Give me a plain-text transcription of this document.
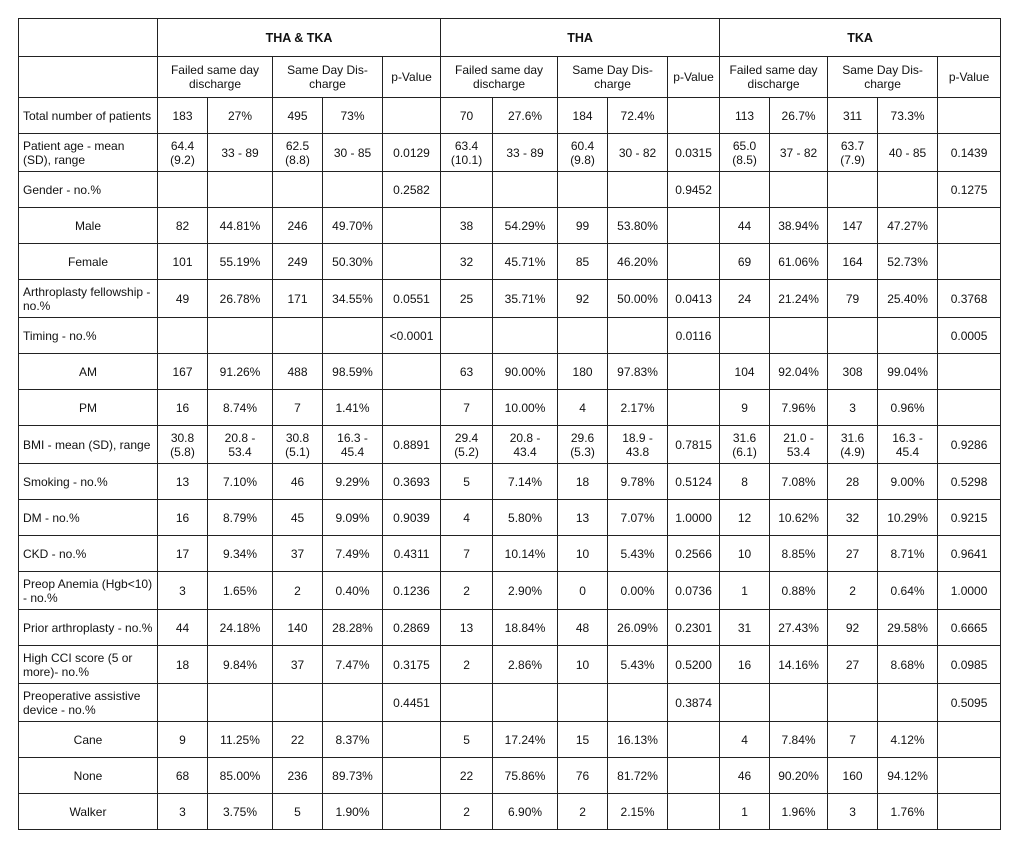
	THA & TKA					THA					TKA				
	Failed same day discharge		Same Day Dis-charge		p-Value	Failed same day discharge		Same Day Dis-charge		p-Value	Failed same day discharge		Same Day Dis-charge		p-Value
Total number of patients	183	27%	495	73%		70	27.6%	184	72.4%		113	26.7%	311	73.3%	
Patient age - mean (SD), range	64.4 (9.2)	33 - 89	62.5 (8.8)	30 - 85	0.0129	63.4 (10.1)	33 - 89	60.4 (9.8)	30 - 82	0.0315	65.0 (8.5)	37 - 82	63.7 (7.9)	40 - 85	0.1439
Gender - no.%					0.2582					0.9452					0.1275
Male	82	44.81%	246	49.70%		38	54.29%	99	53.80%		44	38.94%	147	47.27%	
Female	101	55.19%	249	50.30%		32	45.71%	85	46.20%		69	61.06%	164	52.73%	
Arthroplasty fellowship - no.%	49	26.78%	171	34.55%	0.0551	25	35.71%	92	50.00%	0.0413	24	21.24%	79	25.40%	0.3768
Timing - no.%					<0.0001					0.0116					0.0005
AM	167	91.26%	488	98.59%		63	90.00%	180	97.83%		104	92.04%	308	99.04%	
PM	16	8.74%	7	1.41%		7	10.00%	4	2.17%		9	7.96%	3	0.96%	
BMI - mean (SD), range	30.8 (5.8)	20.8 - 53.4	30.8 (5.1)	16.3 - 45.4	0.8891	29.4 (5.2)	20.8 - 43.4	29.6 (5.3)	18.9 - 43.8	0.7815	31.6 (6.1)	21.0 - 53.4	31.6 (4.9)	16.3 - 45.4	0.9286
Smoking - no.%	13	7.10%	46	9.29%	0.3693	5	7.14%	18	9.78%	0.5124	8	7.08%	28	9.00%	0.5298
DM - no.%	16	8.79%	45	9.09%	0.9039	4	5.80%	13	7.07%	1.0000	12	10.62%	32	10.29%	0.9215
CKD - no.%	17	9.34%	37	7.49%	0.4311	7	10.14%	10	5.43%	0.2566	10	8.85%	27	8.71%	0.9641
Preop Anemia (Hgb<10) - no.%	3	1.65%	2	0.40%	0.1236	2	2.90%	0	0.00%	0.0736	1	0.88%	2	0.64%	1.0000
Prior arthroplasty - no.%	44	24.18%	140	28.28%	0.2869	13	18.84%	48	26.09%	0.2301	31	27.43%	92	29.58%	0.6665
High CCI score (5 or more)- no.%	18	9.84%	37	7.47%	0.3175	2	2.86%	10	5.43%	0.5200	16	14.16%	27	8.68%	0.0985
Preoperative assistive device - no.%					0.4451					0.3874					0.5095
Cane	9	11.25%	22	8.37%		5	17.24%	15	16.13%		4	7.84%	7	4.12%	
None	68	85.00%	236	89.73%		22	75.86%	76	81.72%		46	90.20%	160	94.12%	
Walker	3	3.75%	5	1.90%		2	6.90%	2	2.15%		1	1.96%	3	1.76%	
